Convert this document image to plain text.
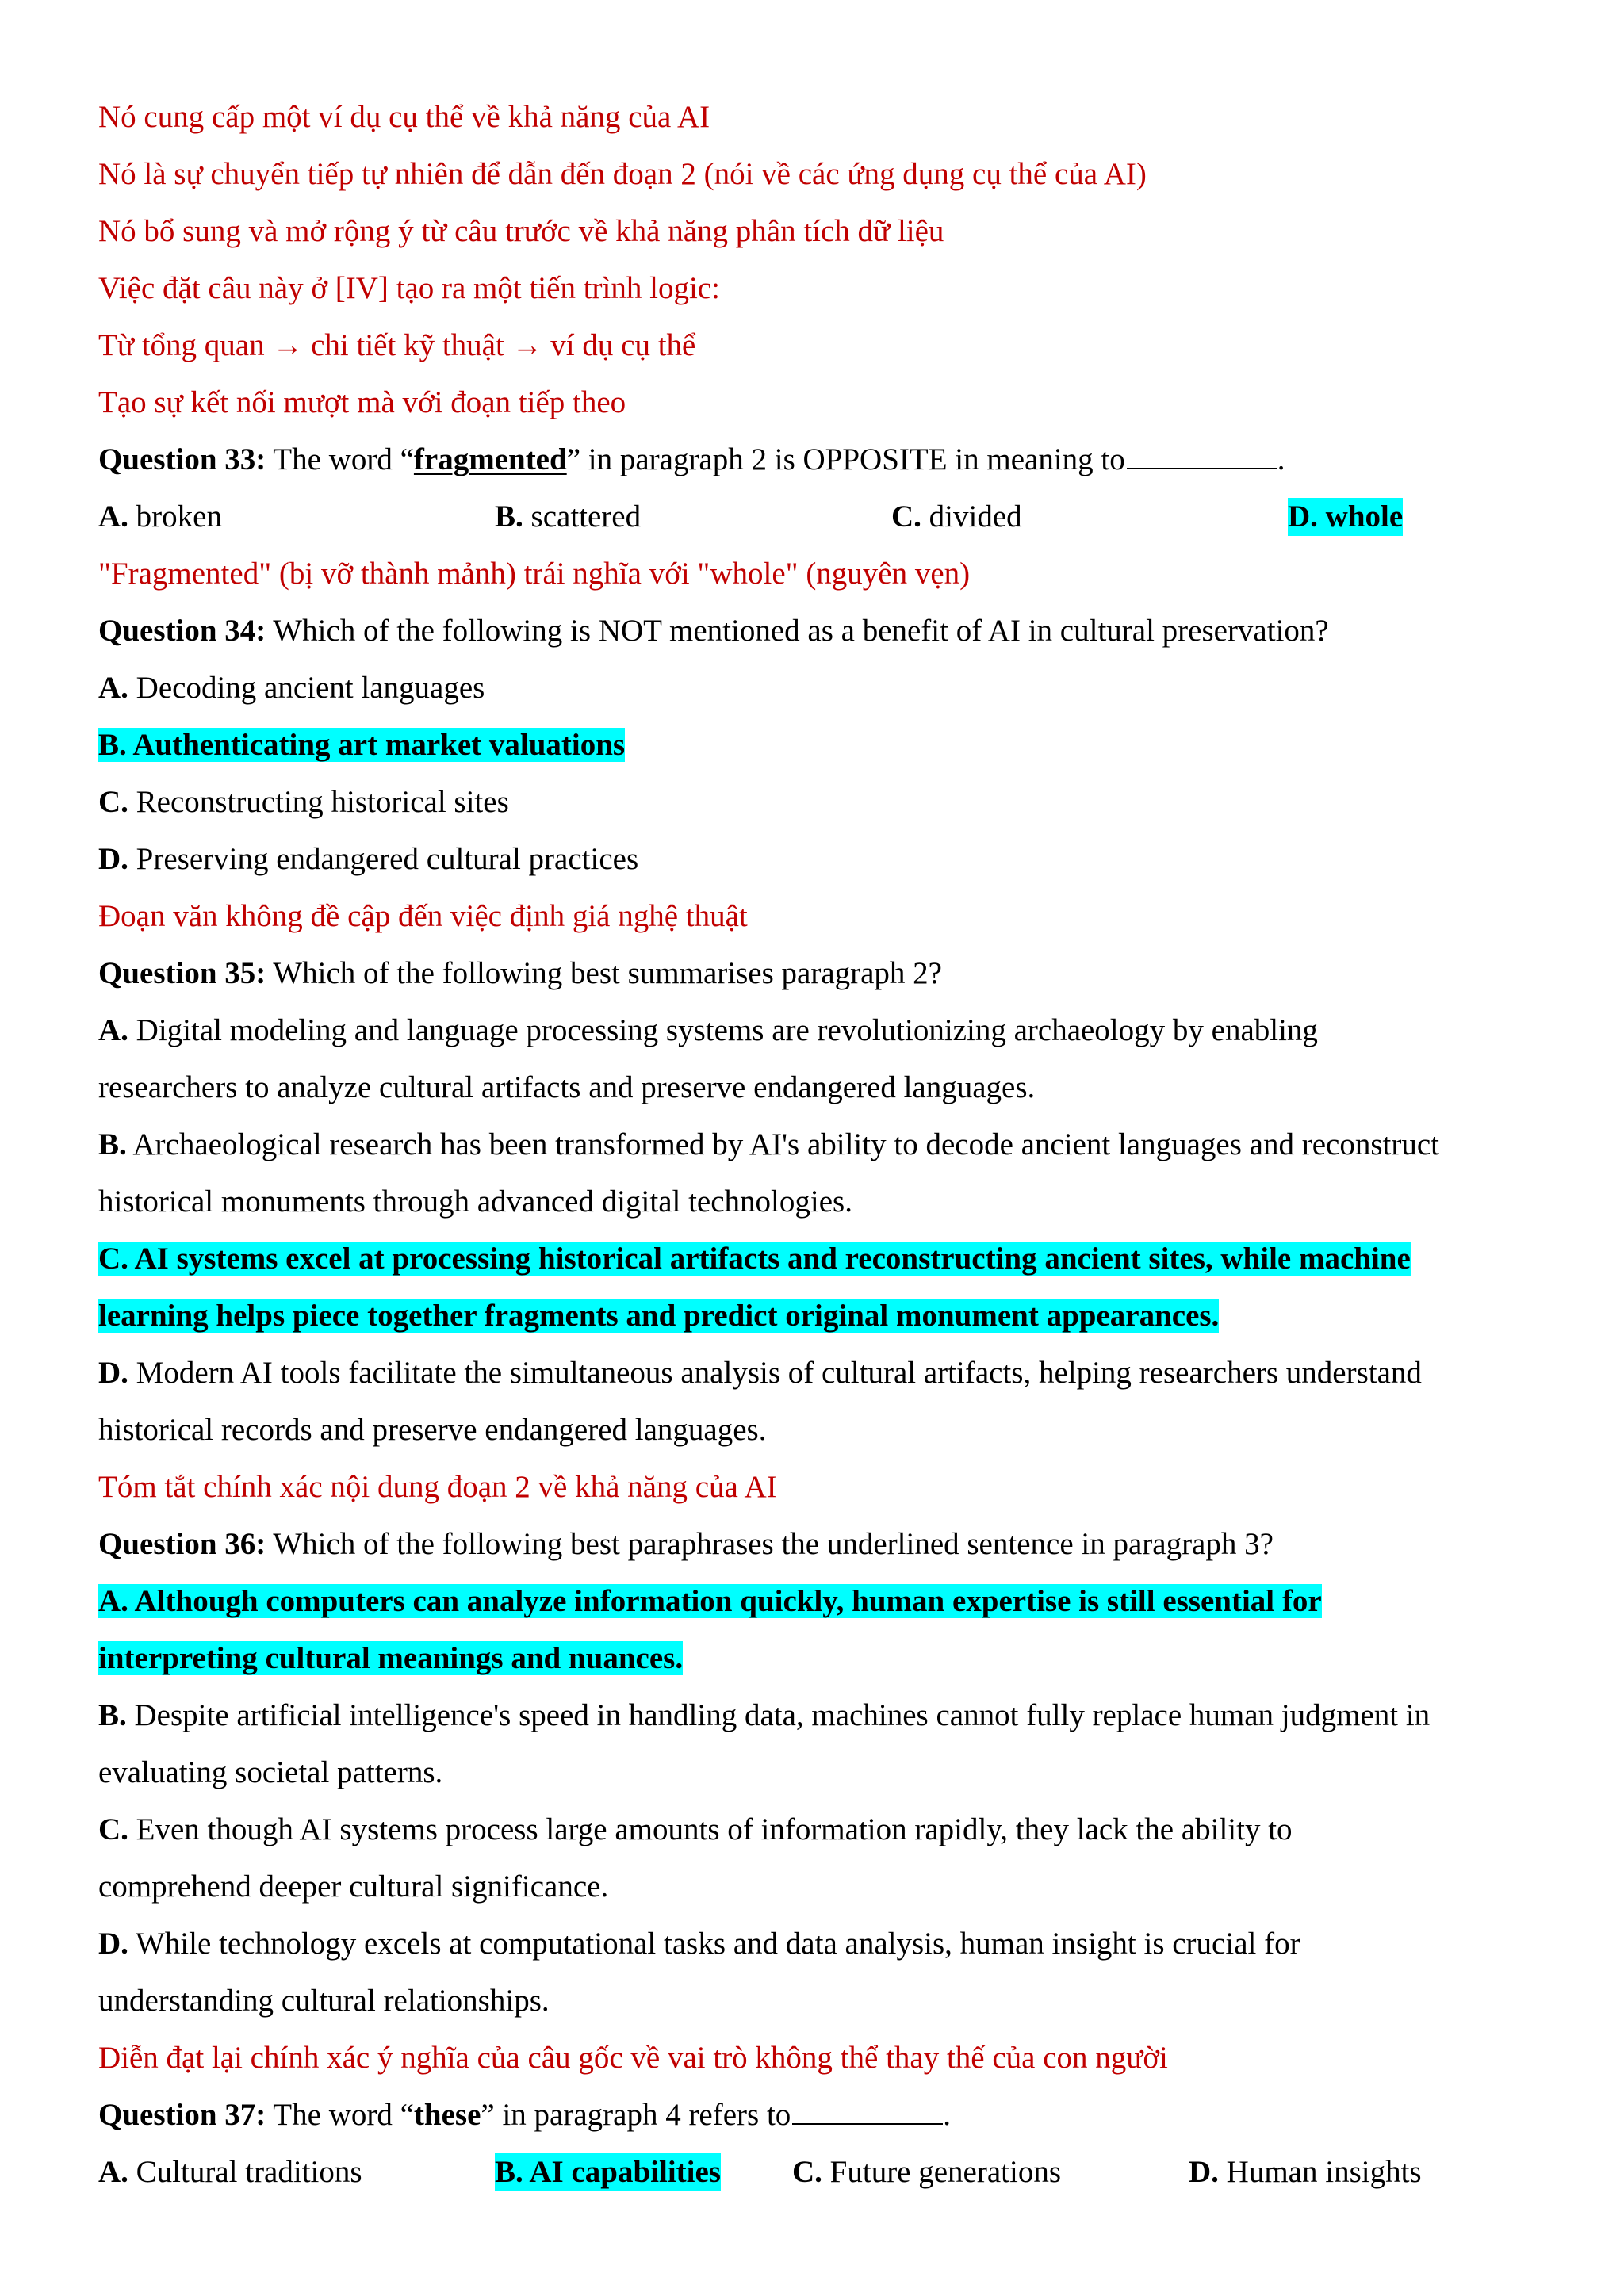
Nó cung cấp một ví dụ cụ thể về khả năng của AI
Nó là sự chuyển tiếp tự nhiên để dẫn đến đoạn 2 (nói về các ứng dụng cụ thể của AI)
Nó bổ sung và mở rộng ý từ câu trước về khả năng phân tích dữ liệu
Việc đặt câu này ở [IV] tạo ra một tiến trình logic:
Từ tổng quan → chi tiết kỹ thuật → ví dụ cụ thể
Tạo sự kết nối mượt mà với đoạn tiếp theo
Question 33: The word “fragmented” in paragraph 2 is OPPOSITE in meaning to	.
A. broken	B. scattered	C. divided	D. whole
"Fragmented" (bị vỡ thành mảnh) trái nghĩa với "whole" (nguyên vẹn)
Question 34: Which of the following is NOT mentioned as a benefit of AI in cultural preservation?
A. Decoding ancient languages
B. Authenticating art market valuations
C. Reconstructing historical sites
D. Preserving endangered cultural practices
Đoạn văn không đề cập đến việc định giá nghệ thuật
Question 35: Which of the following best summarises paragraph 2?
A. Digital modeling and language processing systems are revolutionizing archaeology by enabling
researchers to analyze cultural artifacts and preserve endangered languages.
B. Archaeological research has been transformed by AI's ability to decode ancient languages and reconstruct
historical monuments through advanced digital technologies.
C. AI systems excel at processing historical artifacts and reconstructing ancient sites, while machine
learning helps piece together fragments and predict original monument appearances.
D. Modern AI tools facilitate the simultaneous analysis of cultural artifacts, helping researchers understand
historical records and preserve endangered languages.
Tóm tắt chính xác nội dung đoạn 2 về khả năng của AI
Question 36: Which of the following best paraphrases the underlined sentence in paragraph 3?
A. Although computers can analyze information quickly, human expertise is still essential for
interpreting cultural meanings and nuances.
B. Despite artificial intelligence's speed in handling data, machines cannot fully replace human judgment in
evaluating societal patterns.
C. Even though AI systems process large amounts of information rapidly, they lack the ability to
comprehend deeper cultural significance.
D. While technology excels at computational tasks and data analysis, human insight is crucial for
understanding cultural relationships.
Diễn đạt lại chính xác ý nghĩa của câu gốc về vai trò không thể thay thế của con người
Question 37: The word “these” in paragraph 4 refers to	.
A. Cultural traditions	B. AI capabilities C. Future generations	D. Human insights
